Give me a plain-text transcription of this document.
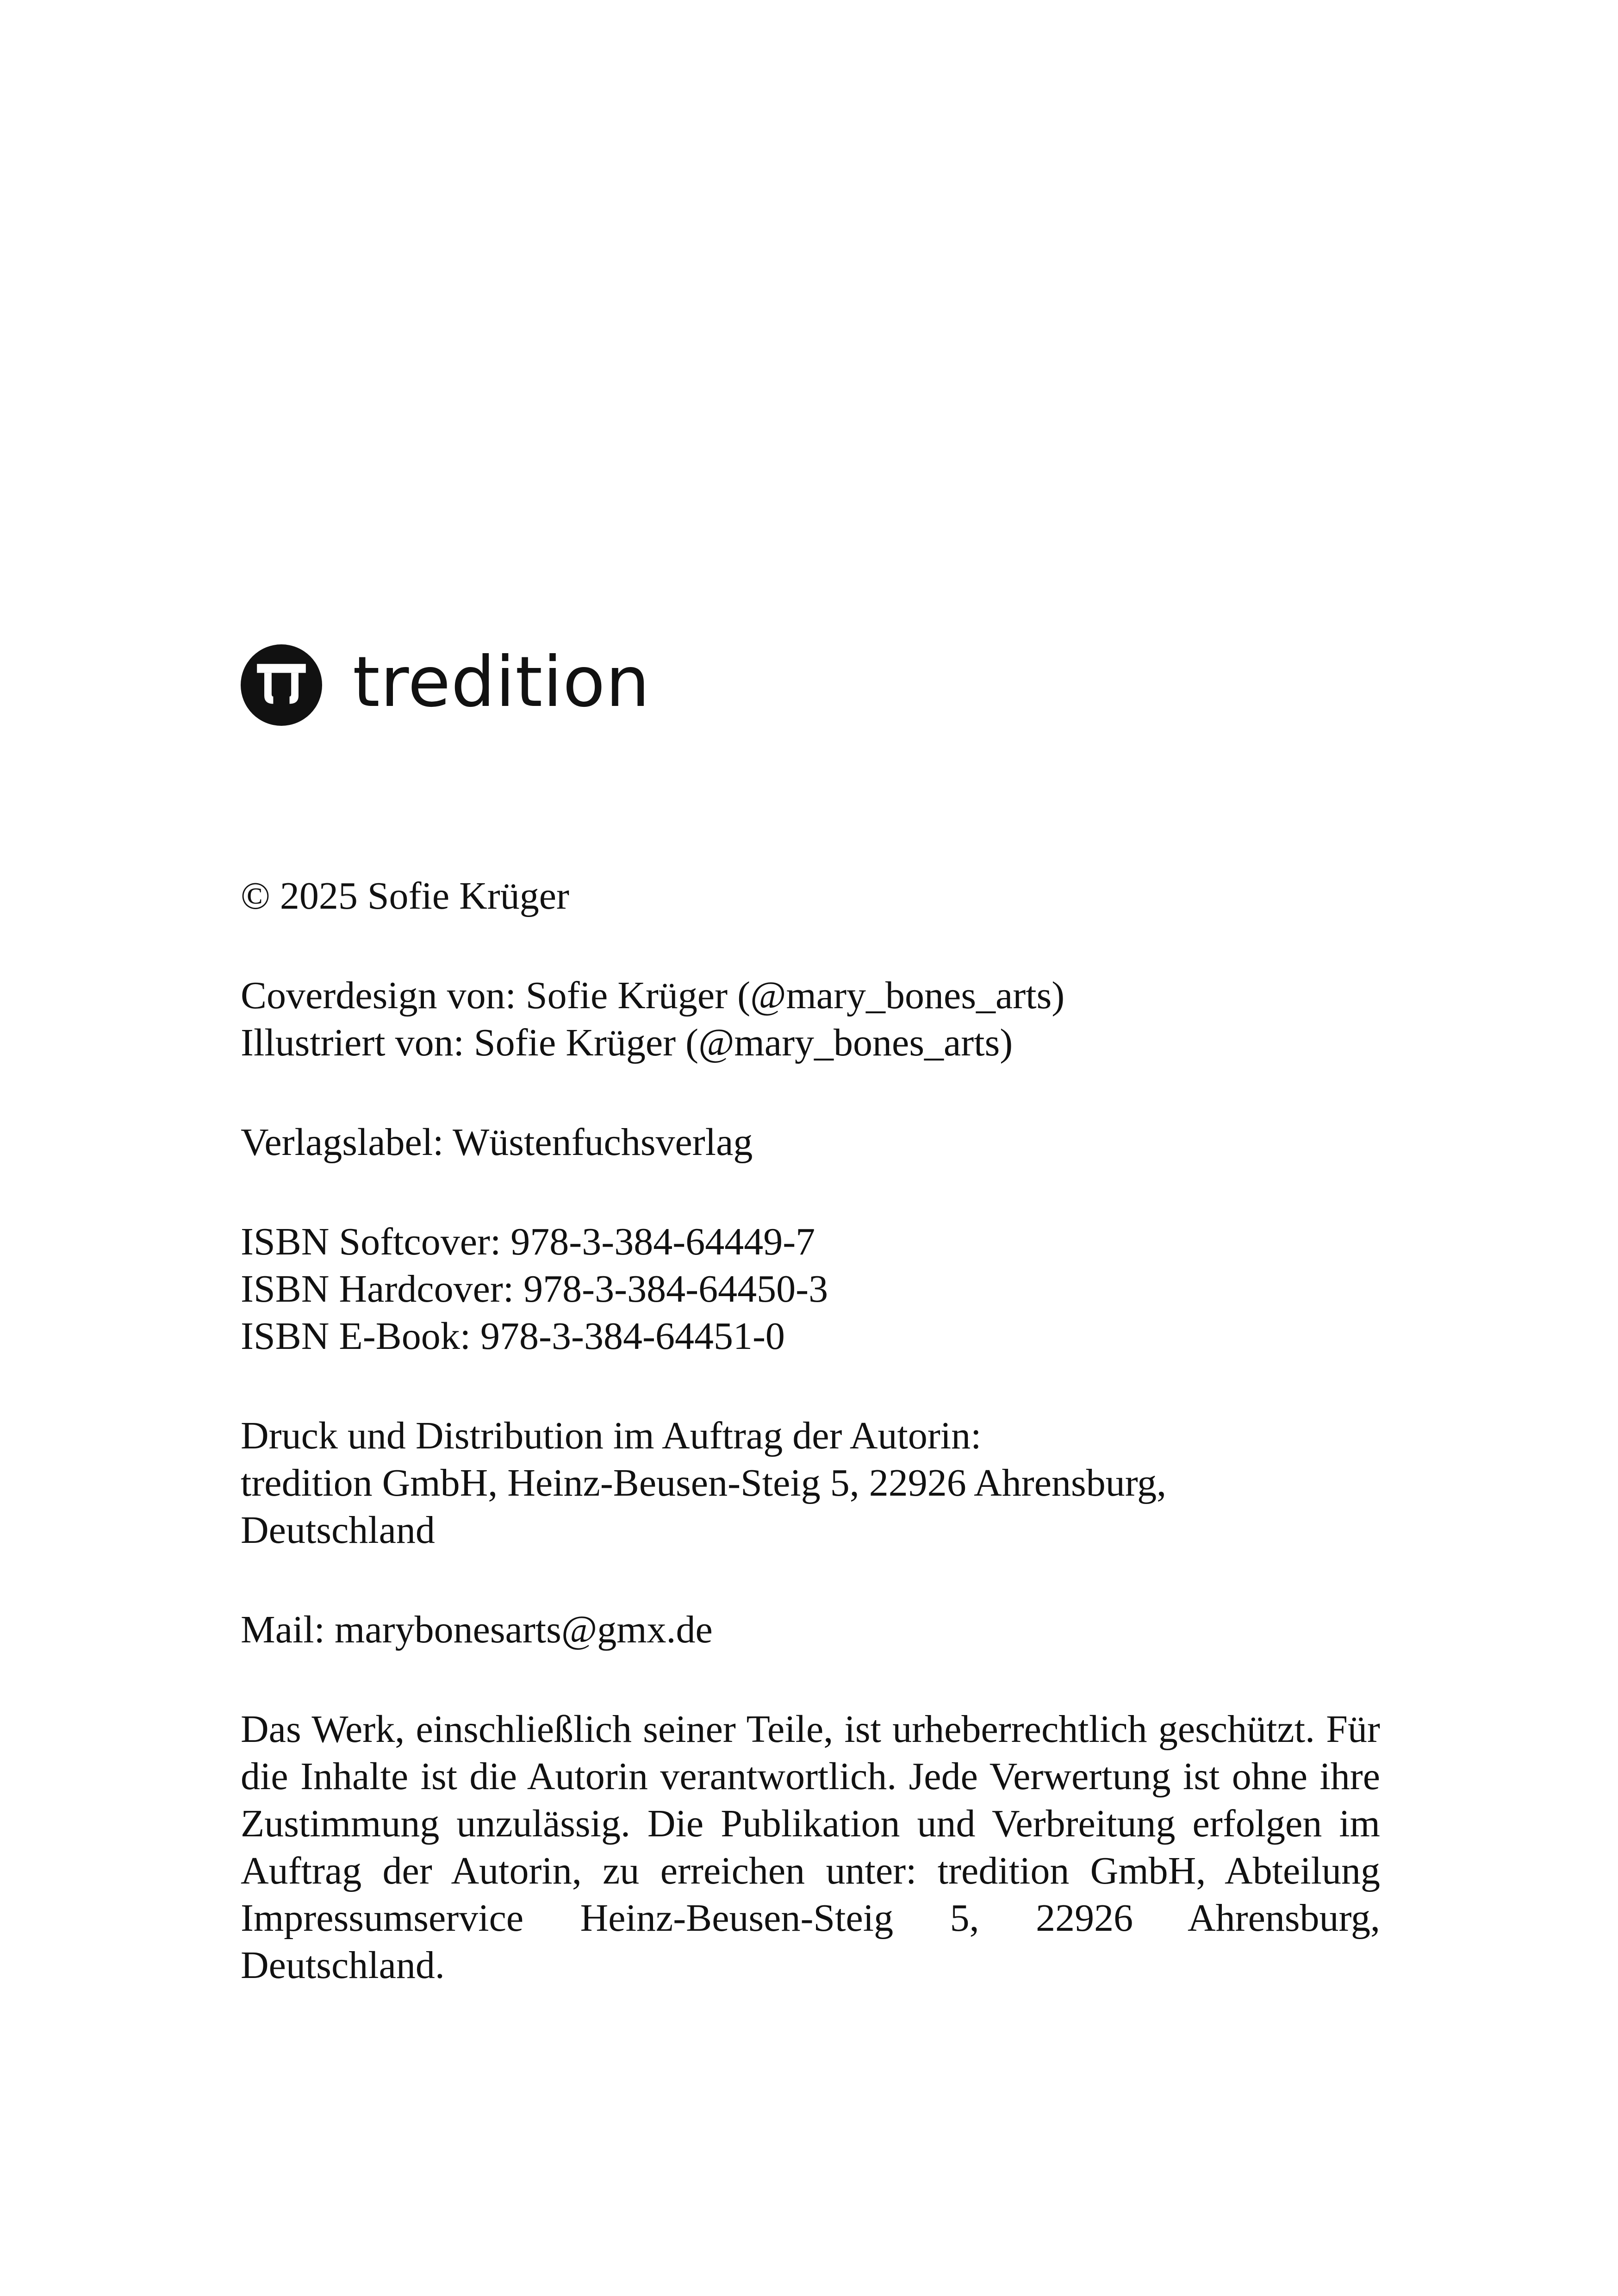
tredition
© 2025 Sofie Krüger
Coverdesign von: Sofie Krüger (@mary_bones_arts)
Illustriert von: Sofie Krüger (@mary_bones_arts)
Verlagslabel: Wüstenfuchsverlag
ISBN Softcover: 978-3-384-64449-7
ISBN Hardcover: 978-3-384-64450-3
ISBN E-Book: 978-3-384-64451-0
Druck und Distribution im Auftrag der Autorin:
tredition GmbH, Heinz-Beusen-Steig 5, 22926 Ahrensburg,
Deutschland
Mail: marybonesarts@gmx.de

Das Werk, einschließlich seiner Teile, ist urheberrechtlich geschützt. Für die Inhalte ist die Autorin verantwortlich. Jede Verwertung ist ohne ihre Zustimmung unzulässig. Die Publikation und Verbreitung erfolgen im Auftrag der Autorin, zu erreichen unter: tredition GmbH, Abteilung Impressumservice Heinz-Beusen-Steig 5, 22926 Ahrensburg, Deutschland.
